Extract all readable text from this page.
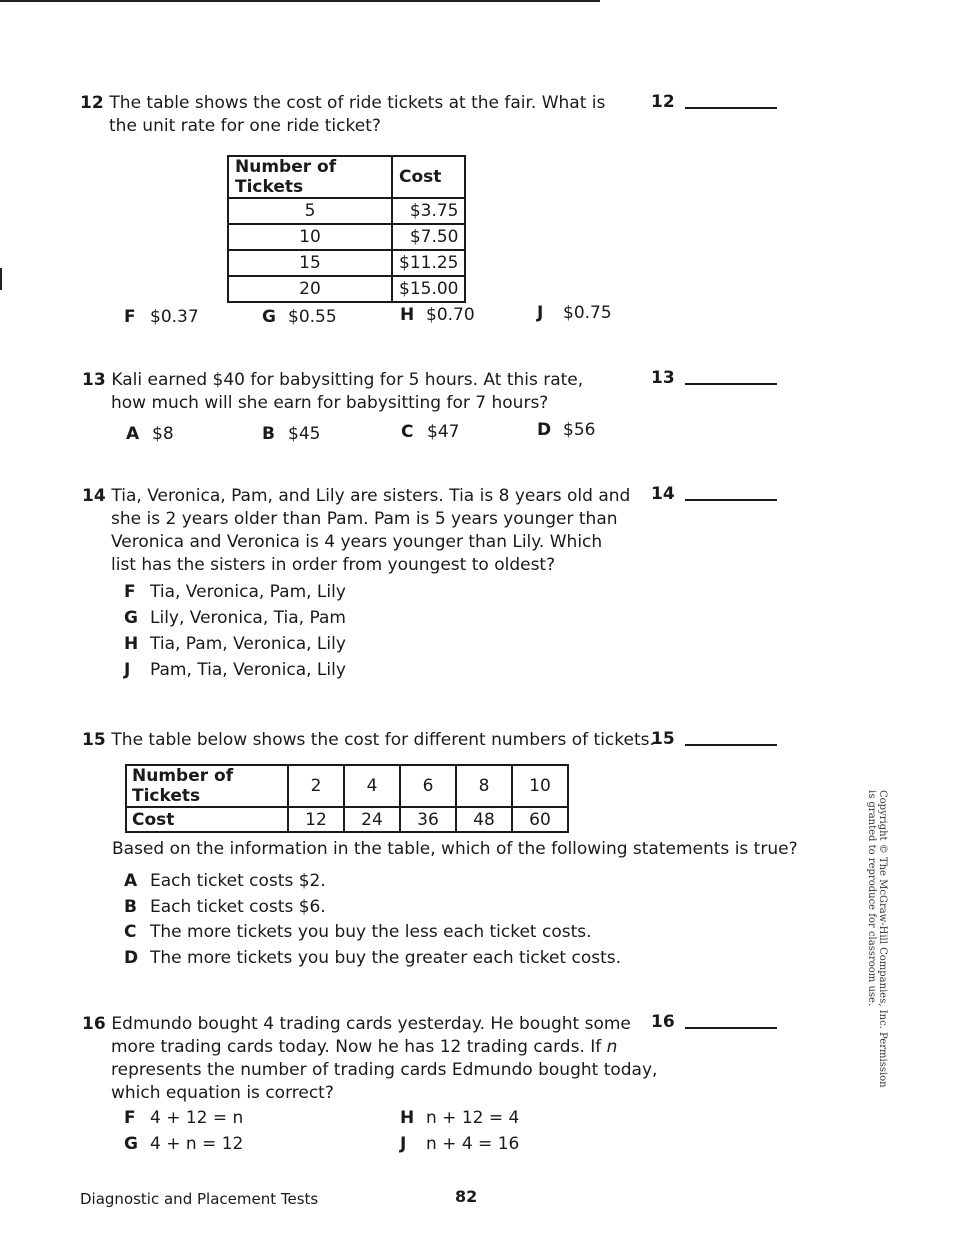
12 The table shows the cost of ride tickets at the fair. What is
the unit rate for one ride ticket?
12
Number of Tickets	Cost
5	$3.75
10	$7.50
15	$11.25
20	$15.00
F $0.37	G $0.55	H $0.70	J $0.75
13 Kali earned $40 for babysitting for 5 hours. At this rate,
how much will she earn for babysitting for 7 hours?
13
A $8	B $45	C $47	D $56
14 Tia, Veronica, Pam, and Lily are sisters. Tia is 8 years old and
she is 2 years older than Pam. Pam is 5 years younger than
Veronica and Veronica is 4 years younger than Lily. Which
list has the sisters in order from youngest to oldest?
14
F Tia, Veronica, Pam, Lily
G Lily, Veronica, Tia, Pam
H Tia, Pam, Veronica, Lily
J Pam, Tia, Veronica, Lily
15 The table below shows the cost for different numbers of tickets.
15
Number of Tickets	2	4	6	8	10
Cost	12	24	36	48	60
Based on the information in the table, which of the following statements is true?
A Each ticket costs $2.
B Each ticket costs $6.
C The more tickets you buy the less each ticket costs.
D The more tickets you buy the greater each ticket costs.
16 Edmundo bought 4 trading cards yesterday. He bought some
more trading cards today. Now he has 12 trading cards. If n
represents the number of trading cards Edmundo bought today,
which equation is correct?
16
F 4 + 12 = n	H n + 12 = 4
G 4 + n = 12	J n + 4 = 16
Copyright © The McGraw-Hill Companies, Inc. Permission
is granted to reproduce for classroom use.
Diagnostic and Placement Tests	82
